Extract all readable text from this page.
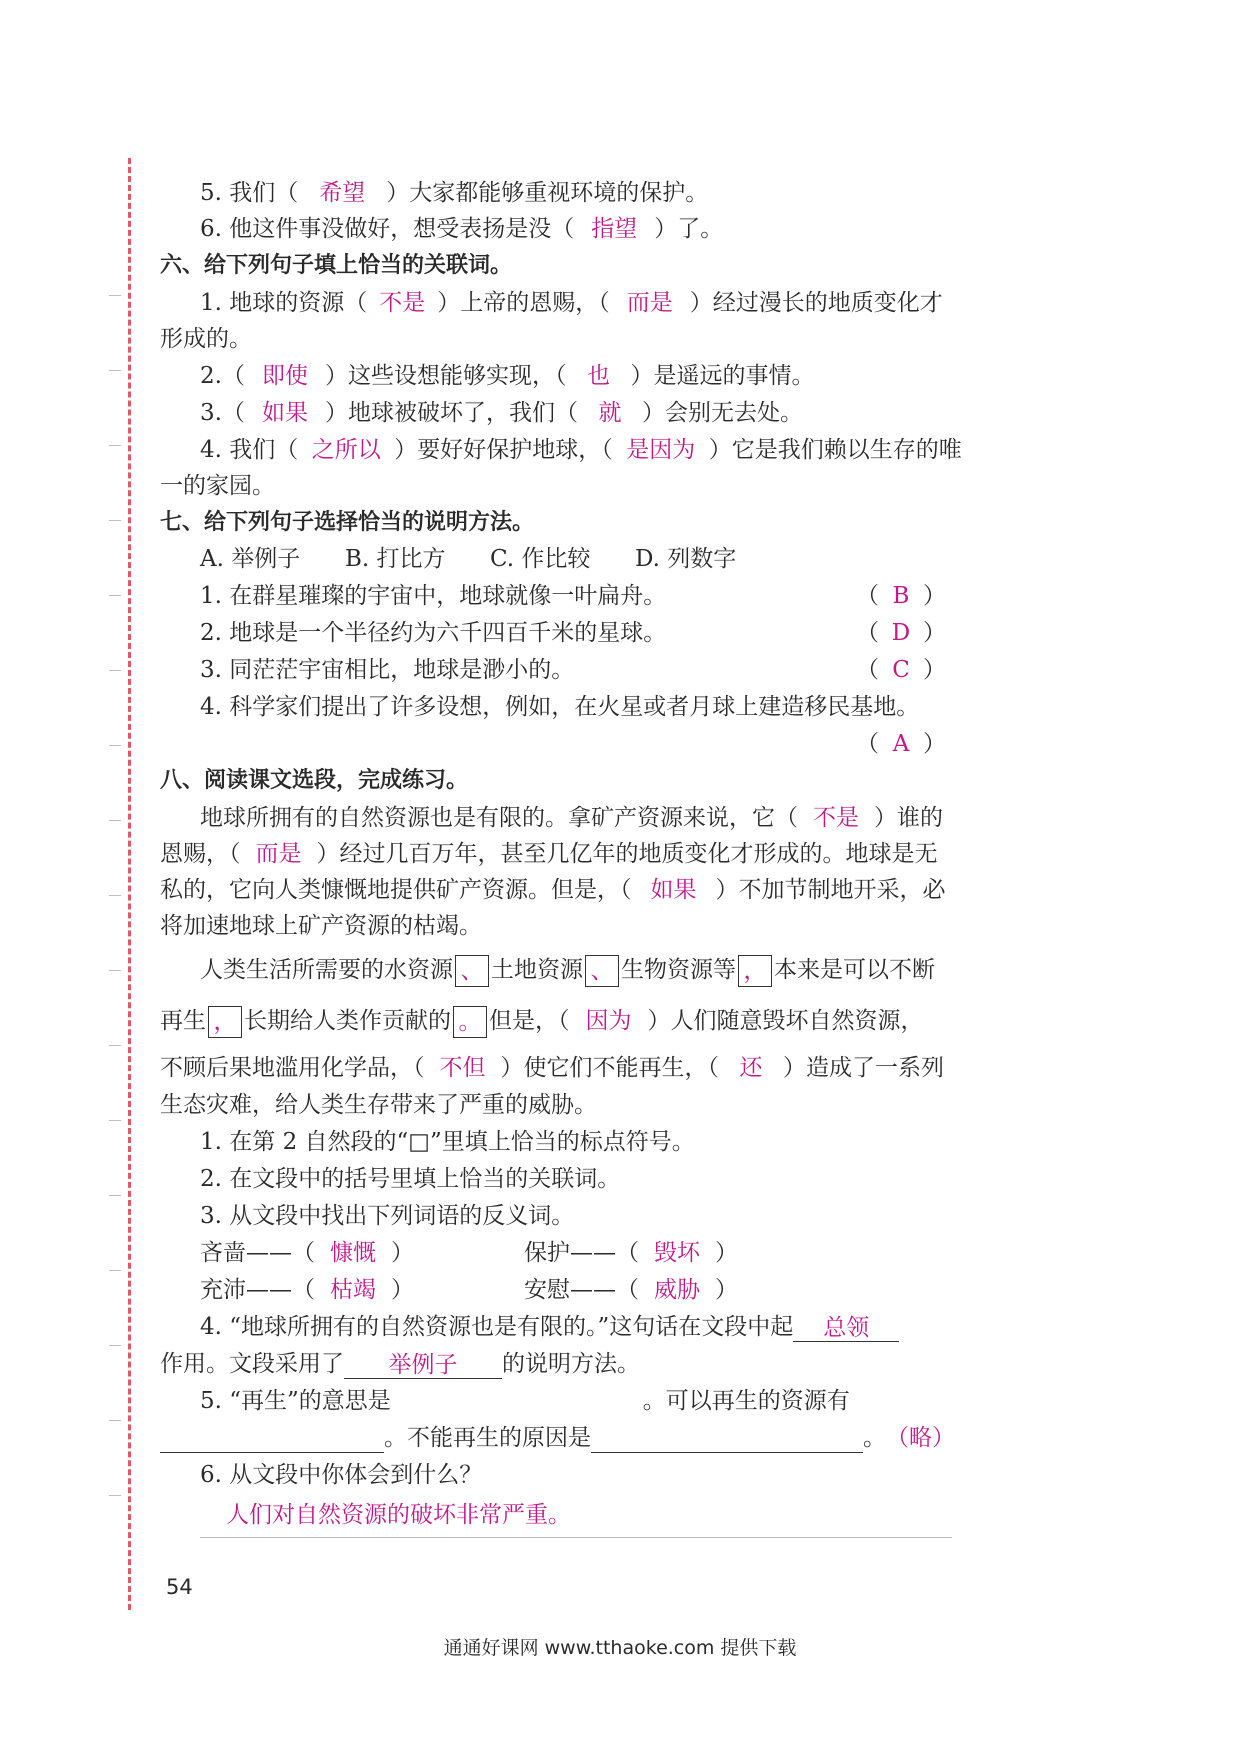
5. 我们（ 希望 ）大家都能够重视环境的保护。
6. 他这件事没做好，想受表扬是没（ 指望 ）了。
六、给下列句子填上恰当的关联词。
1. 地球的资源（ 不是 ）上帝的恩赐，（ 而是 ）经过漫长的地质变化才
形成的。
2.（ 即使 ）这些设想能够实现，（ 也 ）是遥远的事情。
3.（ 如果 ）地球被破坏了，我们（ 就 ）会别无去处。
4. 我们（ 之所以 ）要好好保护地球，（ 是因为 ）它是我们赖以生存的唯
一的家园。
七、给下列句子选择恰当的说明方法。
A. 举例子 B. 打比方 C. 作比较 D. 列数字
1. 在群星璀璨的宇宙中，地球就像一叶扁舟。	（ B ）
2. 地球是一个半径约为六千四百千米的星球。	（ D ）
3. 同茫茫宇宙相比，地球是渺小的。	（ C ）
4. 科学家们提出了许多设想，例如，在火星或者月球上建造移民基地。
（ A ）
八、阅读课文选段，完成练习。
地球所拥有的自然资源也是有限的。拿矿产资源来说，它（ 不是 ）谁的
恩赐，（ 而是 ）经过几百万年，甚至几亿年的地质变化才形成的。地球是无
私的，它向人类慷慨地提供矿产资源。但是，（ 如果 ）不加节制地开采，必
将加速地球上矿产资源的枯竭。
人类生活所需要的水资源 、 土地资源 、 生物资源等 ， 本来是可以不断
再生 ， 长期给人类作贡献的 。 但是，（ 因为 ）人们随意毁坏自然资源，
不顾后果地滥用化学品，（ 不但 ）使它们不能再生，（ 还 ）造成了一系列
生态灾难，给人类生存带来了严重的威胁。
1. 在第 2 自然段的“□”里填上恰当的标点符号。
2. 在文段中的括号里填上恰当的关联词。
3. 从文段中找出下列词语的反义词。
吝啬——（ 慷慨 ）	保护——（ 毁坏 ）
充沛——（ 枯竭 ）	安慰——（ 威胁 ）
4. “地球所拥有的自然资源也是有限的。”这句话在文段中起 总领
作用。文段采用了 举例子 的说明方法。
5. “再生”的意思是	。可以再生的资源有
。不能再生的原因是	。（略）
6. 从文段中你体会到什么？
人们对自然资源的破坏非常严重。
54
通通好课网 www.tthaoke.com 提供下载
